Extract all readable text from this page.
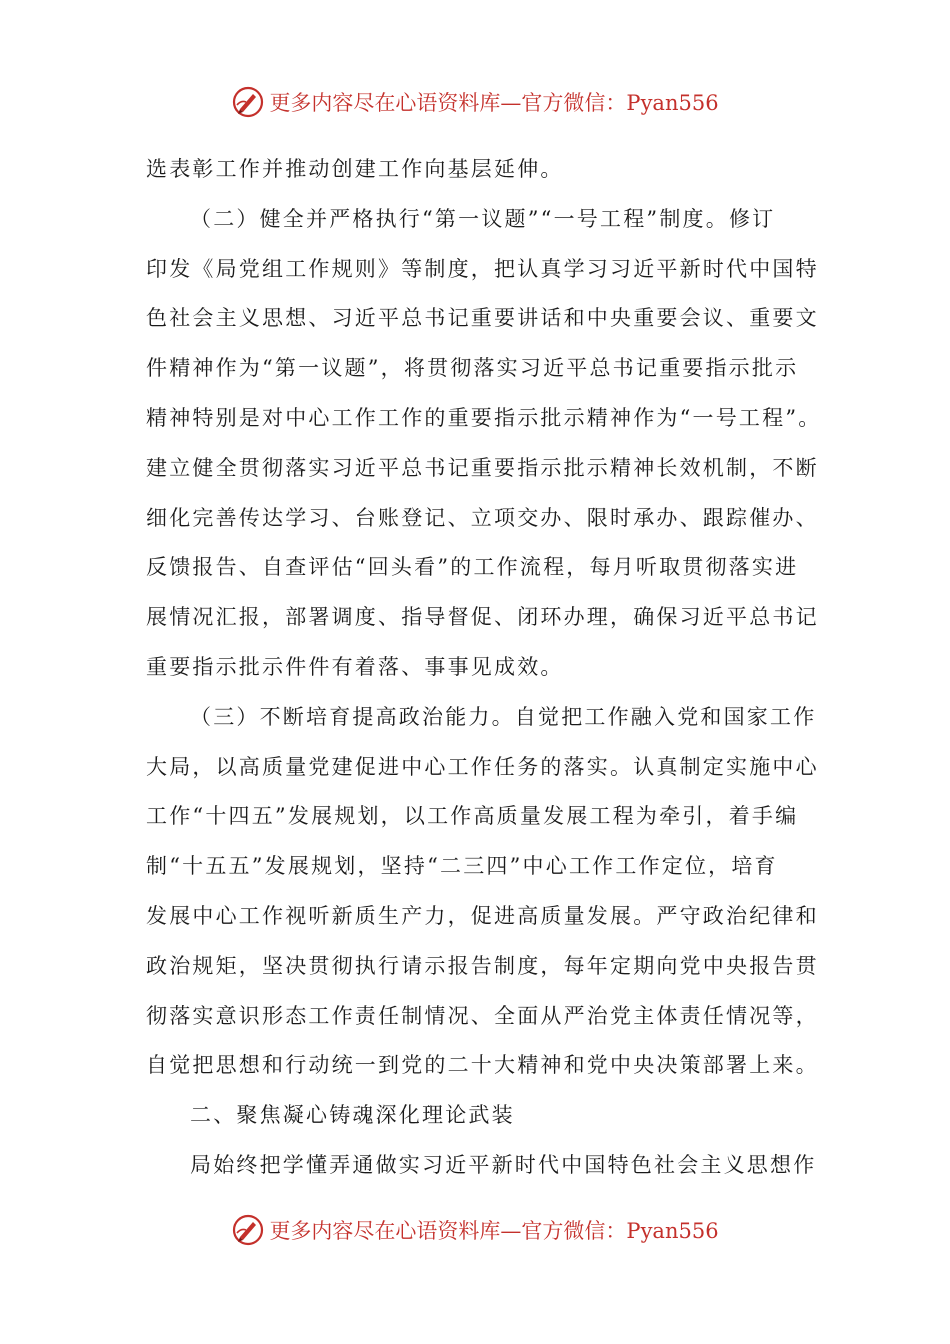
更多内容尽在心语资料库—官方微信：Pyan556
选表彰工作并推动创建工作向基层延伸。
（二）健全并严格执行“第一议题”“一号工程”制度。修订
印发《局党组工作规则》等制度，把认真学习习近平新时代中国特
色社会主义思想、习近平总书记重要讲话和中央重要会议、重要文
件精神作为“第一议题”，将贯彻落实习近平总书记重要指示批示
精神特别是对中心工作工作的重要指示批示精神作为“一号工程”。
建立健全贯彻落实习近平总书记重要指示批示精神长效机制，不断
细化完善传达学习、台账登记、立项交办、限时承办、跟踪催办、
反馈报告、自查评估“回头看”的工作流程，每月听取贯彻落实进
展情况汇报，部署调度、指导督促、闭环办理，确保习近平总书记
重要指示批示件件有着落、事事见成效。
（三）不断培育提高政治能力。自觉把工作融入党和国家工作
大局，以高质量党建促进中心工作任务的落实。认真制定实施中心
工作“十四五”发展规划，以工作高质量发展工程为牵引，着手编
制“十五五”发展规划，坚持“二三四”中心工作工作定位，培育
发展中心工作视听新质生产力，促进高质量发展。严守政治纪律和
政治规矩，坚决贯彻执行请示报告制度，每年定期向党中央报告贯
彻落实意识形态工作责任制情况、全面从严治党主体责任情况等，
自觉把思想和行动统一到党的二十大精神和党中央决策部署上来。
二、聚焦凝心铸魂深化理论武装
局始终把学懂弄通做实习近平新时代中国特色社会主义思想作
更多内容尽在心语资料库—官方微信：Pyan556
